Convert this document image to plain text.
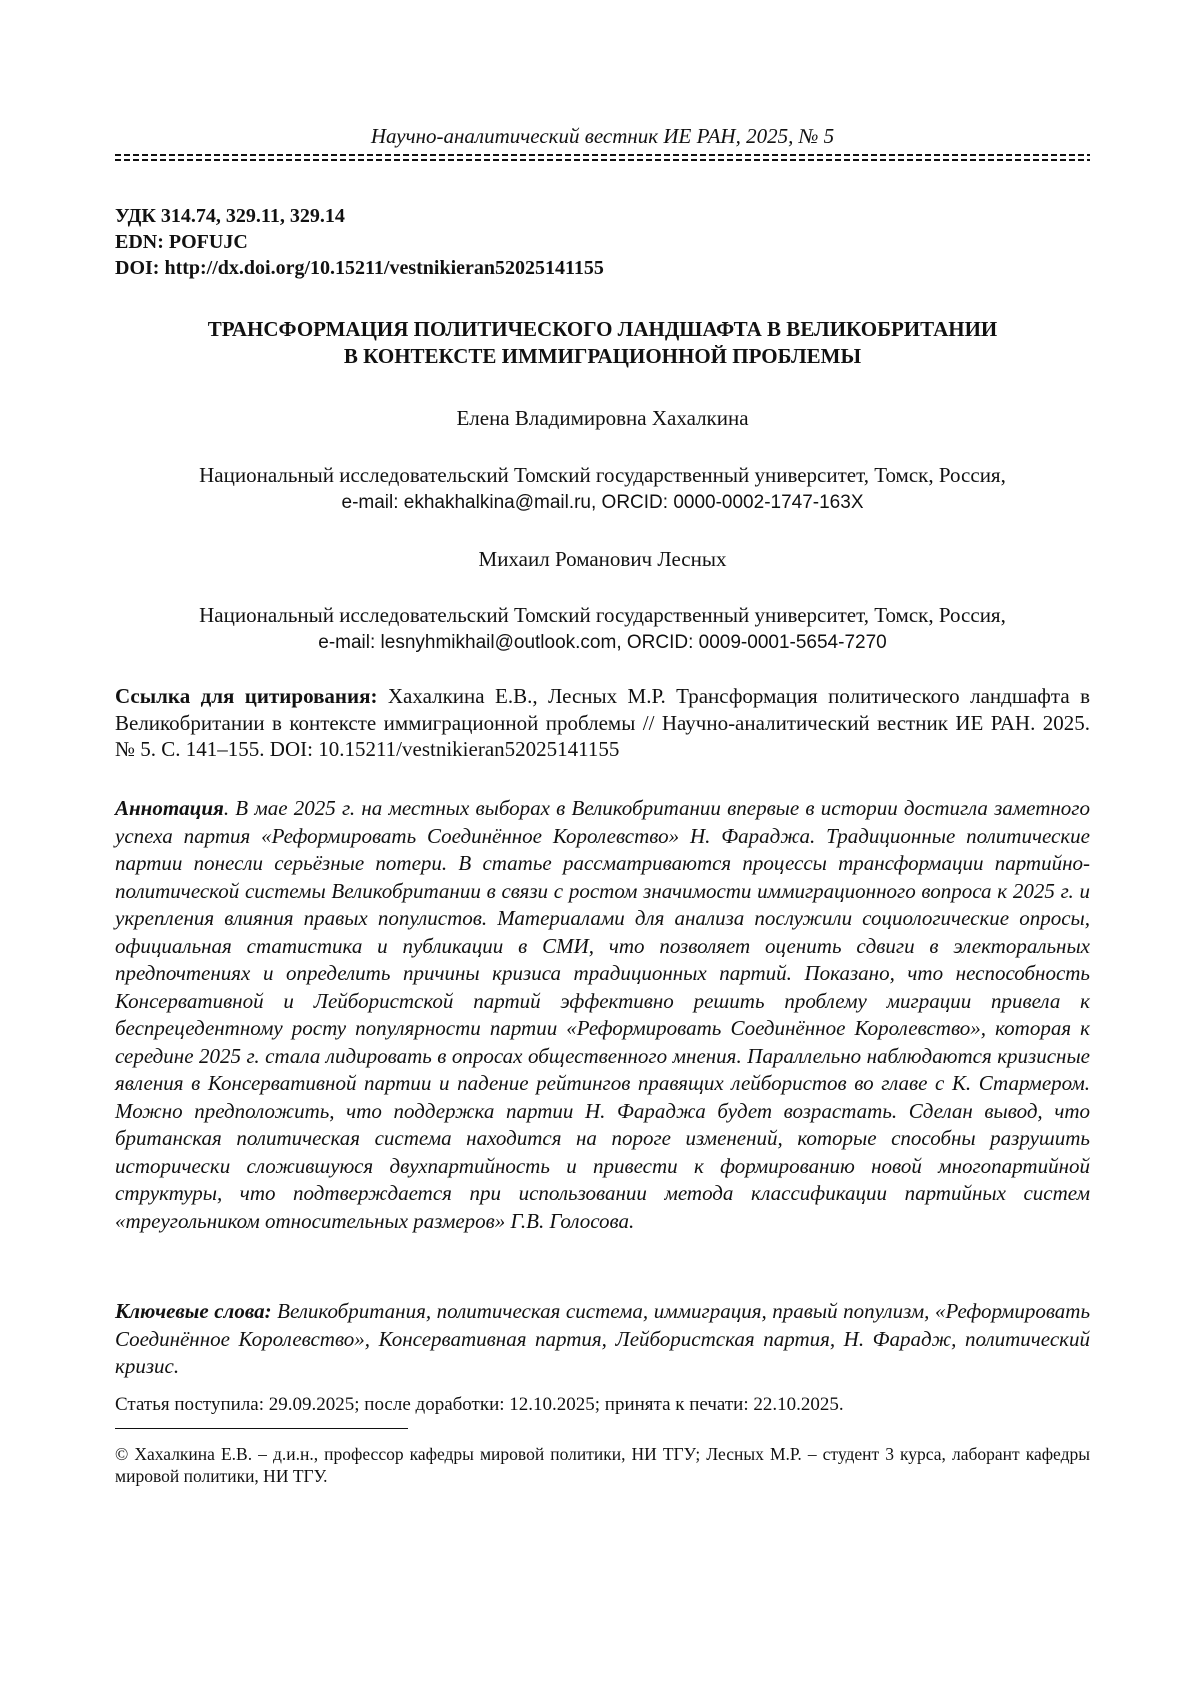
Научно-аналитический вестник ИЕ РАН, 2025, № 5
УДК 314.74, 329.11, 329.14
EDN: POFUJC
DOI: http://dx.doi.org/10.15211/vestnikieran52025141155
ТРАНСФОРМАЦИЯ ПОЛИТИЧЕСКОГО ЛАНДШАФТА В ВЕЛИКОБРИТАНИИ
В КОНТЕКСТЕ ИММИГРАЦИОННОЙ ПРОБЛЕМЫ
Елена Владимировна Хахалкина
Национальный исследовательский Томский государственный университет, Томск, Россия,
e-mail: ekhakhalkina@mail.ru, ORCID: 0000-0002-1747-163X
Михаил Романович Лесных
Национальный исследовательский Томский государственный университет, Томск, Россия,
e-mail: lesnyhmikhail@outlook.com, ORCID: 0009-0001-5654-7270
Ссылка для цитирования: Хахалкина Е.В., Лесных М.Р. Трансформация политического ландшафта в Великобритании в контексте иммиграционной проблемы // Научно-аналитический вестник ИЕ РАН. 2025. № 5. С. 141–155. DOI: 10.15211/vestnikieran52025141155
Аннотация. В мае 2025 г. на местных выборах в Великобритании впервые в истории достигла заметного успеха партия «Реформировать Соединённое Королевство» Н. Фараджа. Традиционные политические партии понесли серьёзные потери. В статье рассматриваются процессы трансформации партийно-политической системы Великобритании в связи с ростом значимости иммиграционного вопроса к 2025 г. и укрепления влияния правых популистов. Материалами для анализа послужили социологические опросы, официальная статистика и публикации в СМИ, что позволяет оценить сдвиги в электоральных предпочтениях и определить причины кризиса традиционных партий. Показано, что неспособность Консервативной и Лейбористской партий эффективно решить проблему миграции привела к беспрецедентному росту популярности партии «Реформировать Соединённое Королевство», которая к середине 2025 г. стала лидировать в опросах общественного мнения. Параллельно наблюдаются кризисные явления в Консервативной партии и падение рейтингов правящих лейбористов во главе с К. Стармером. Можно предположить, что поддержка партии Н. Фараджа будет возрастать. Сделан вывод, что британская политическая система находится на пороге изменений, которые способны разрушить исторически сложившуюся двухпартийность и привести к формированию новой многопартийной структуры, что подтверждается при использовании метода классификации партийных систем «треугольником относительных размеров» Г.В. Голосова.
Ключевые слова: Великобритания, политическая система, иммиграция, правый популизм, «Реформировать Соединённое Королевство», Консервативная партия, Лейбористская партия, Н. Фарадж, политический кризис.
Статья поступила: 29.09.2025; после доработки: 12.10.2025; принята к печати: 22.10.2025.
© Хахалкина Е.В. – д.и.н., профессор кафедры мировой политики, НИ ТГУ; Лесных М.Р. – студент 3 курса, лаборант кафедры мировой политики, НИ ТГУ.
